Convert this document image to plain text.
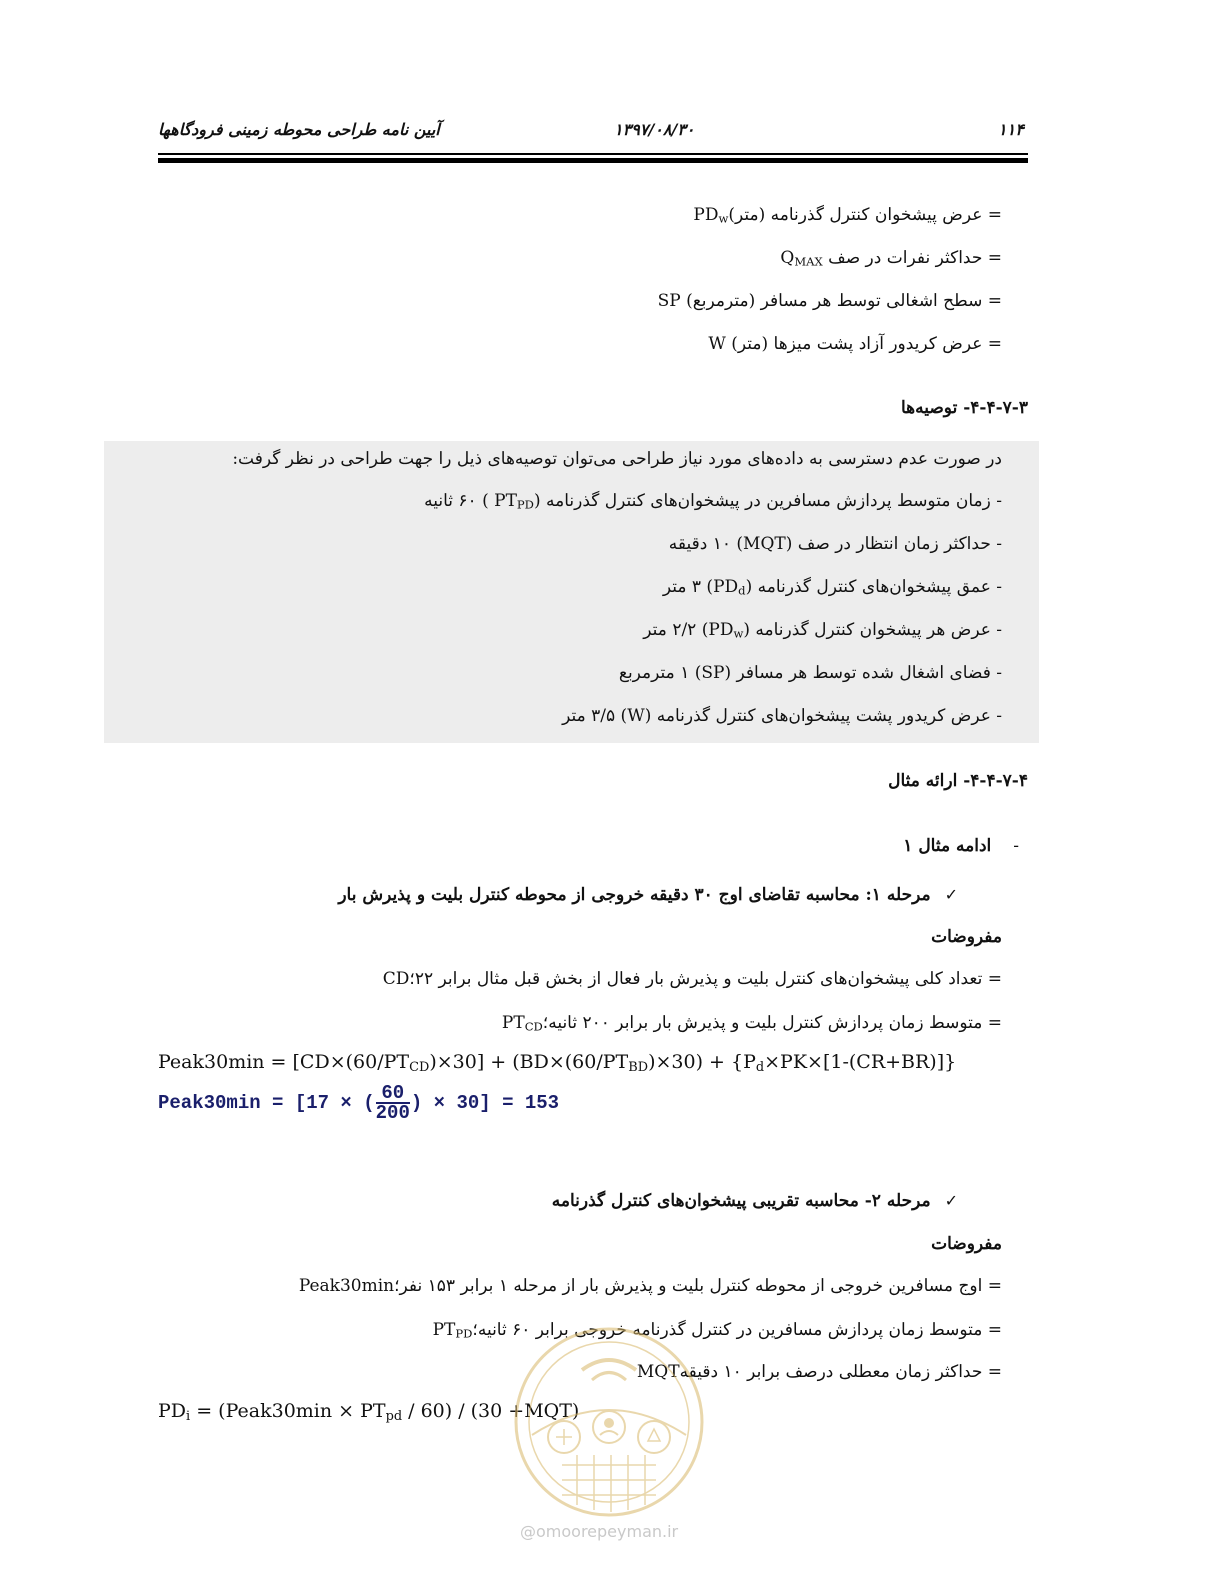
۱۳۹۷/۰۸/۳۰
آیین نامه طراحی محوطه زمینی فرودگاهها	۱۱۴
= عرض پیشخوان کنترل گذرنامه $(متر)PD_w$
= حداکثر نفرات در صف $Q_{MAX}$
= سطح اشغالی توسط هر مسافر (مترمربع) SP
= عرض کریدور آزاد پشت میزها (متر) W
۴-۴-۷-۳- توصیه‌ها
در صورت عدم دسترسی به داده‌های مورد نیاز طراحی می‌توان توصیه‌های ذیل را جهت طراحی در نظر گرفت:
- زمان متوسط پردازش مسافرین در پیشخوان‌های کنترل گذرنامه ($PT_{PD}$ ) ۶۰ ثانیه
- حداکثر زمان انتظار در صف (MQT) ۱۰ دقیقه
- عمق پیشخوان‌های کنترل گذرنامه $(PD_d)$ ۳ متر
- عرض هر پیشخوان کنترل گذرنامه $(PD_w)$ ۲/۲ متر
- فضای اشغال شده توسط هر مسافر (SP) ۱ مترمربع
- عرض کریدور پشت پیشخوان‌های کنترل گذرنامه (W) ۳/۵ متر
۴-۴-۷-۴- ارائه مثال
-ادامه مثال ۱
✓مرحله ۱: محاسبه تقاضای اوج ۳۰ دقیقه خروجی از محوطه کنترل بلیت و پذیرش بار
مفروضات
= تعداد کلی پیشخوان‌های کنترل بلیت و پذیرش بار فعال از بخش قبل مثال برابر ۲۲؛CD
= متوسط زمان پردازش کنترل بلیت و پذیرش بار برابر ۲۰۰ $ثانیه؛PT_{CD}$
Peak30min = $[CD\times(60/PT_{CD})\times 30] + (BD\times(60/PT_{BD})\times 30) + \{P_d\times PK\times[1-(CR+BR)]\}$
Peak30min = [17 × ( $\frac{60}{200}$ ) × 30] = 153
✓مرحله ۲- محاسبه تقریبی پیشخوان‌های کنترل گذرنامه
مفروضات
= اوج مسافرین خروجی از محوطه کنترل بلیت و پذیرش بار از مرحله ۱ برابر ۱۵۳ نفر؛Peak30min
= متوسط زمان پردازش مسافرین در کنترل گذرنامه خروجی برابر ۶۰ $ثانیه؛PT_{PD}$
= حداکثر زمان معطلی درصف برابر ۱۰ دقیقهMQT
$PD_i$ = (Peak30min × $PT_{pd} / 60) / (30 +MQT)$
@omoorepeyman.ir
